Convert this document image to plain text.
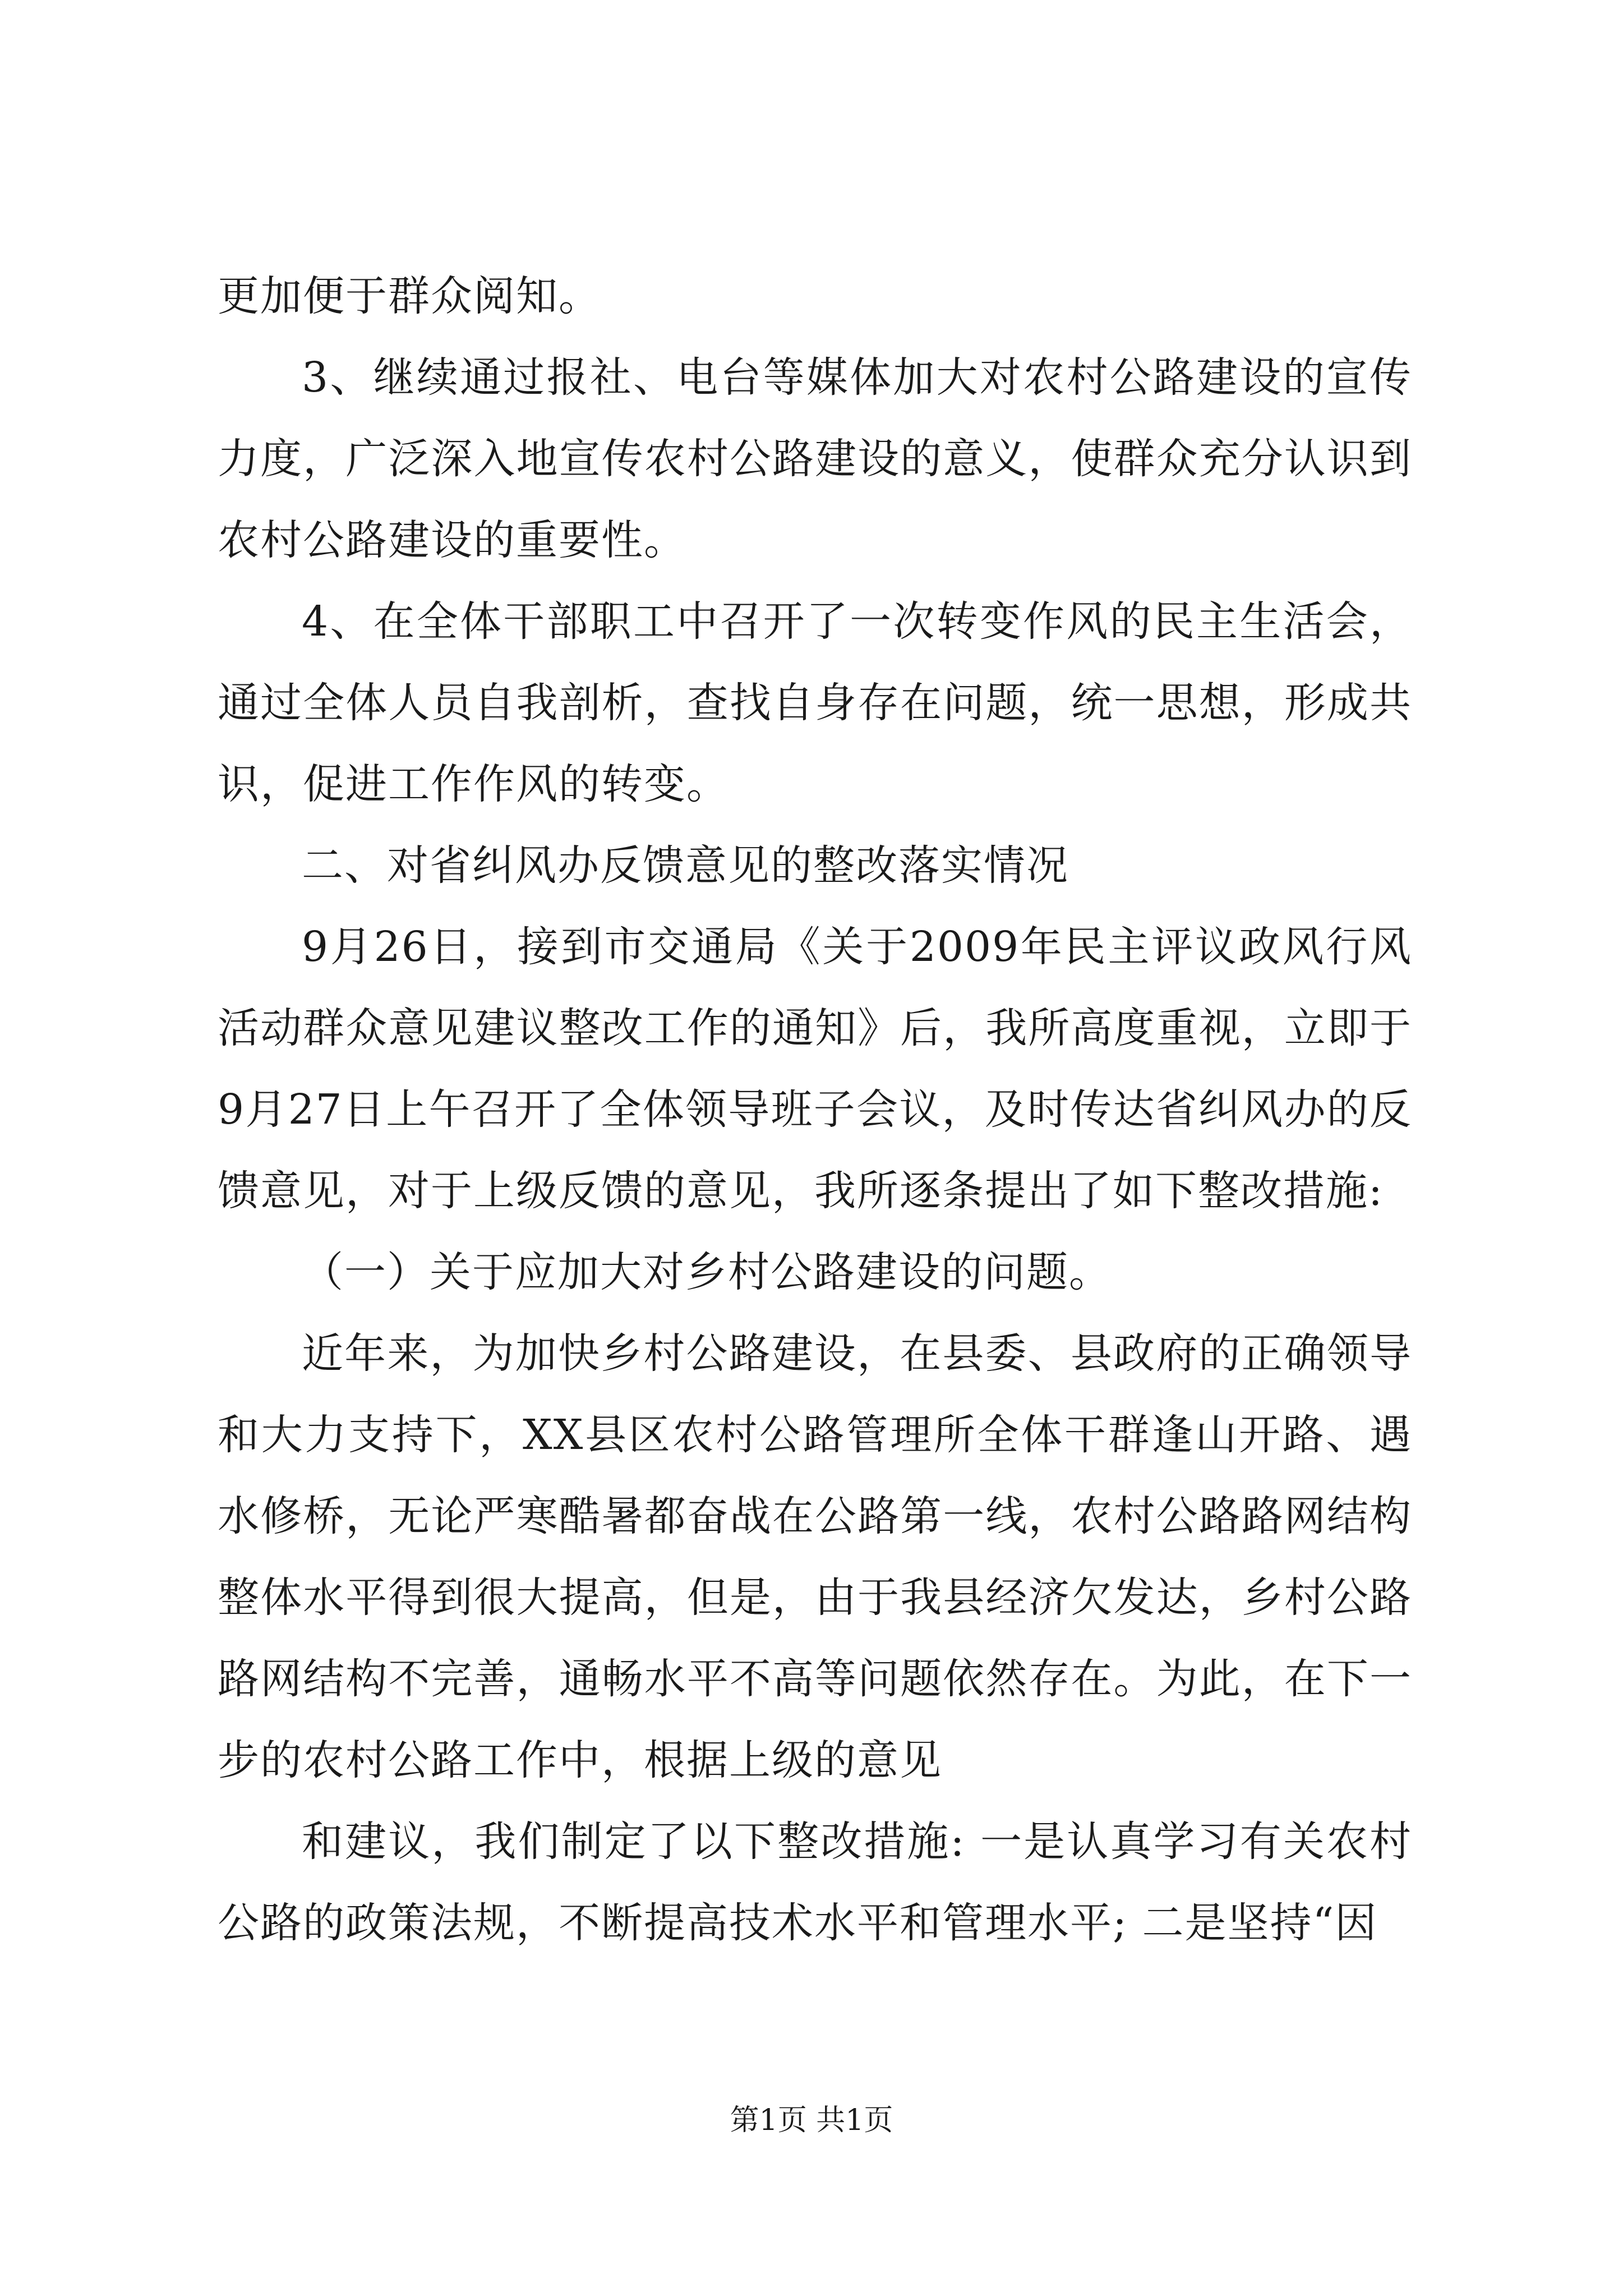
更加便于群众阅知。

3、继续通过报社、电台等媒体加大对农村公路建设的宣传力度，广泛深入地宣传农村公路建设的意义，使群众充分认识到农村公路建设的重要性。

4、在全体干部职工中召开了一次转变作风的民主生活会，通过全体人员自我剖析，查找自身存在问题，统一思想，形成共识，促进工作作风的转变。

二、对省纠风办反馈意见的整改落实情况

9月26日，接到市交通局《关于2009年民主评议政风行风活动群众意见建议整改工作的通知》后，我所高度重视，立即于9月27日上午召开了全体领导班子会议，及时传达省纠风办的反馈意见，对于上级反馈的意见，我所逐条提出了如下整改措施:

（一）关于应加大对乡村公路建设的问题。

近年来，为加快乡村公路建设，在县委、县政府的正确领导和大力支持下，XX县区农村公路管理所全体干群逢山开路、遇水修桥，无论严寒酷暑都奋战在公路第一线，农村公路路网结构整体水平得到很大提高，但是，由于我县经济欠发达，乡村公路路网结构不完善，通畅水平不高等问题依然存在。为此，在下一步的农村公路工作中，根据上级的意见

和建议，我们制定了以下整改措施: 一是认真学习有关农村公路的政策法规，不断提高技术水平和管理水平; 二是坚持“因

第1页 共1页
